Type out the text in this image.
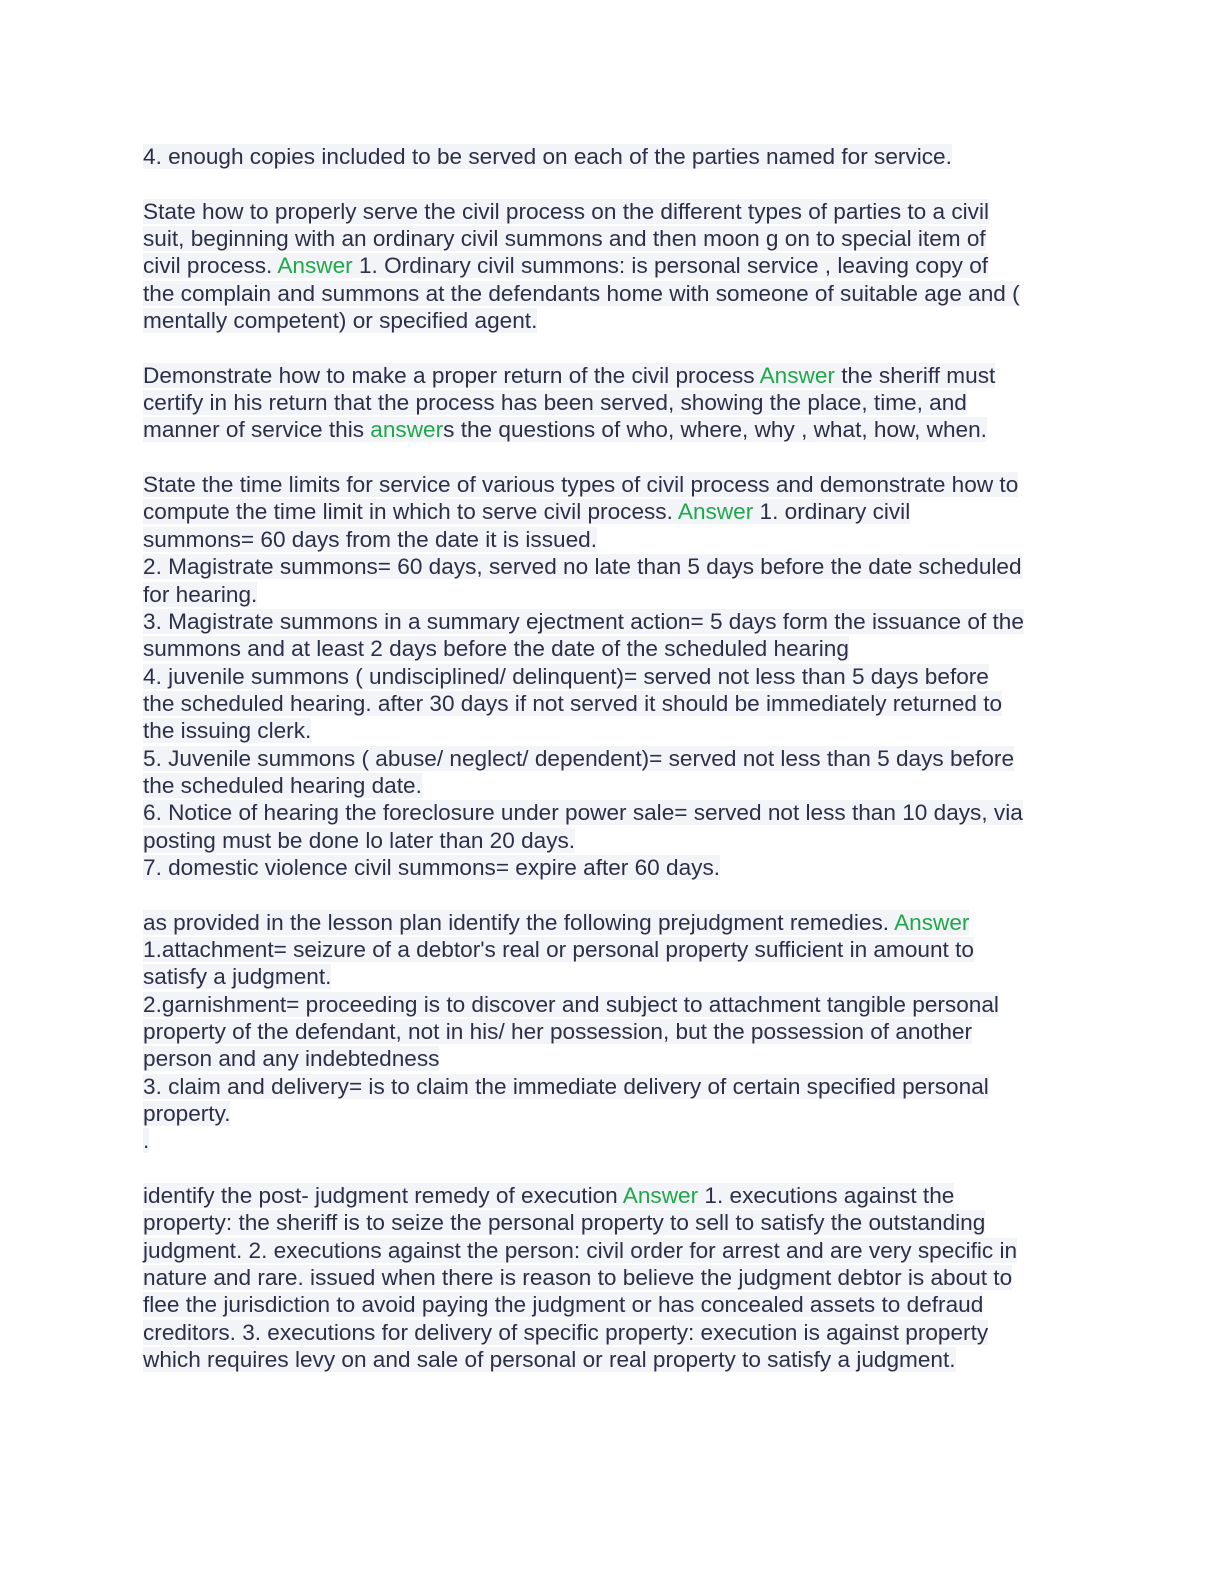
4. enough copies included to be served on each of the parties named for service.
State how to properly serve the civil process on the different types of parties to a civil
suit, beginning with an ordinary civil summons and then moon g on to special item of
civil process. Answer 1. Ordinary civil summons: is personal service , leaving copy of
the complain and summons at the defendants home with someone of suitable age and (
mentally competent) or specified agent.
Demonstrate how to make a proper return of the civil process Answer the sheriff must
certify in his return that the process has been served, showing the place, time, and
manner of service this answers the questions of who, where, why , what, how, when.
State the time limits for service of various types of civil process and demonstrate how to
compute the time limit in which to serve civil process. Answer 1. ordinary civil
summons= 60 days from the date it is issued.
2. Magistrate summons= 60 days, served no late than 5 days before the date scheduled
for hearing.
3. Magistrate summons in a summary ejectment action= 5 days form the issuance of the
summons and at least 2 days before the date of the scheduled hearing
4. juvenile summons ( undisciplined/ delinquent)= served not less than 5 days before
the scheduled hearing. after 30 days if not served it should be immediately returned to
the issuing clerk.
5. Juvenile summons ( abuse/ neglect/ dependent)= served not less than 5 days before
the scheduled hearing date.
6. Notice of hearing the foreclosure under power sale= served not less than 10 days, via
posting must be done lo later than 20 days.
7. domestic violence civil summons= expire after 60 days.
as provided in the lesson plan identify the following prejudgment remedies. Answer
1.attachment= seizure of a debtor's real or personal property sufficient in amount to
satisfy a judgment.
2.garnishment= proceeding is to discover and subject to attachment tangible personal
property of the defendant, not in his/ her possession, but the possession of another
person and any indebtedness
3. claim and delivery= is to claim the immediate delivery of certain specified personal
property.
.
identify the post- judgment remedy of execution Answer 1. executions against the
property: the sheriff is to seize the personal property to sell to satisfy the outstanding
judgment. 2. executions against the person: civil order for arrest and are very specific in
nature and rare. issued when there is reason to believe the judgment debtor is about to
flee the jurisdiction to avoid paying the judgment or has concealed assets to defraud
creditors. 3. executions for delivery of specific property: execution is against property
which requires levy on and sale of personal or real property to satisfy a judgment.
